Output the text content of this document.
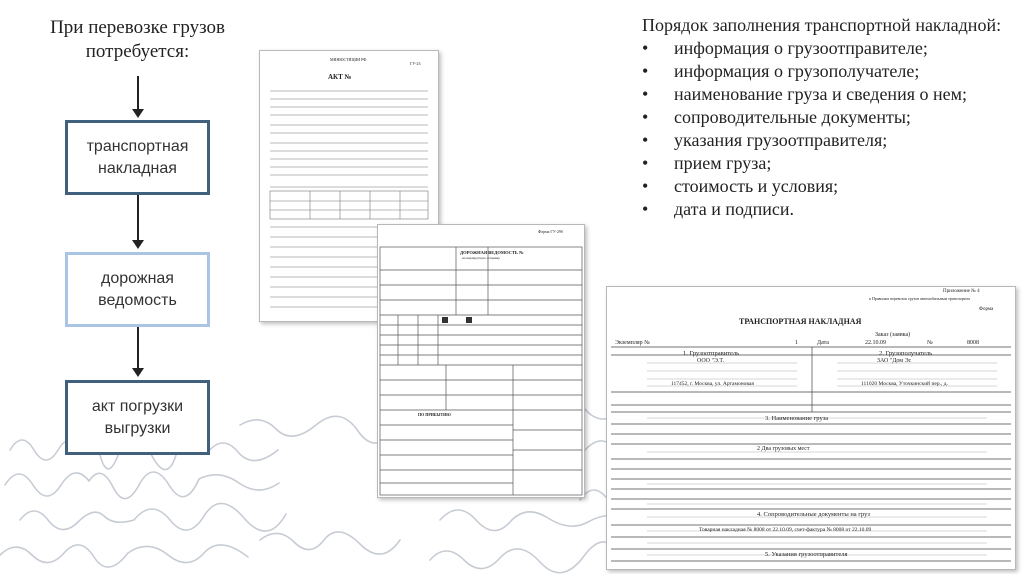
При перевозке грузов потребуется:
транспортная накладная
дорожная ведомость
акт погрузки выгрузки
Порядок заполнения транспортной накладной:
• информация о грузоотправителе;
• информация о грузополучателе;
• наименование груза и сведения о нем;
• сопроводительные документы;
• указания грузоотправителя;
• прием груза;
• стоимость и условия;
• дата и подписи.
МИНЮСТИЦИИ РФ
ГУ-23
АКТ №
Форма ГУ-29б
ДОРОЖНАЯ ВЕДОМОСТЬ №
на маршрутную отправку
ПО ПРИБЫТИЮ
Приложение № 4
к Правилам перевозок грузов автомобильным транспортом
Форма
ТРАНСПОРТНАЯ НАКЛАДНАЯ
Заказ (заявка)
Экземпляр №	1	Дата	22.10.09	№	8008
1. Грузоотправитель
ООО "Э.Т.
117452, г. Москва, ул. Артамоновая
2. Грузополучатель
ЗАО "Дом Эс
111020 Москва, Уточкинский пер., д.
3. Наименование груза
2 Два грузовых мест
4. Сопроводительные документы на груз
Товарная накладная № 8008 от 22.10.09, счет-фактура № 8008 от 22.10.09
5. Указания грузоотправителя
